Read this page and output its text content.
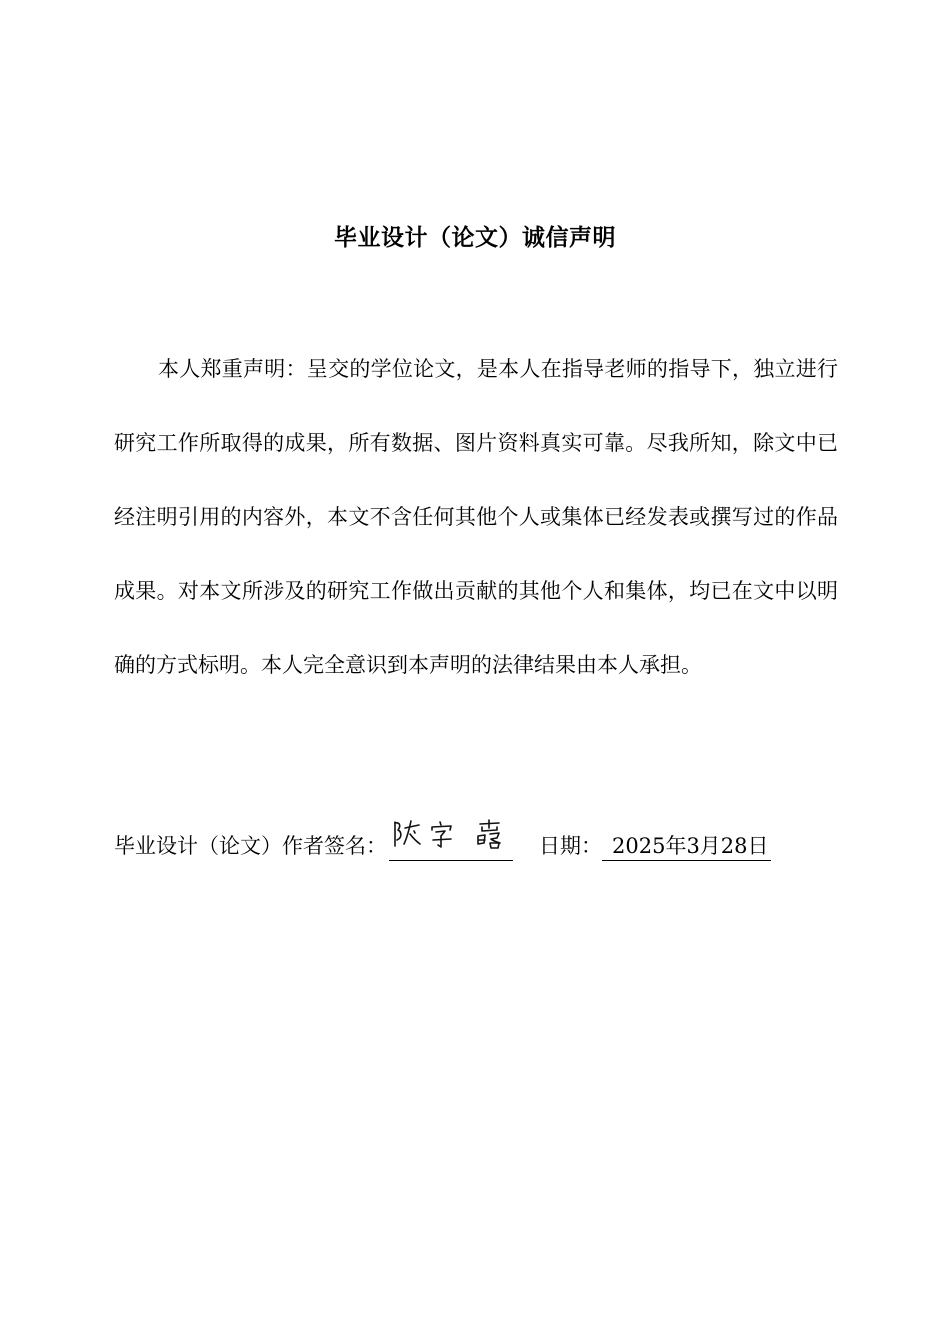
毕业设计（论文）诚信声明

本人郑重声明：呈交的学位论文，是本人在指导老师的指导下，独立进行研究工作所取得的成果，所有数据、图片资料真实可靠。尽我所知，除文中已经注明引用的内容外，本文不含任何其他个人或集体已经发表或撰写过的作品成果。对本文所涉及的研究工作做出贡献的其他个人和集体，均已在文中以明确的方式标明。本人完全意识到本声明的法律结果由本人承担。

毕业设计（论文）作者签名：	日期： 2025年3月28日
